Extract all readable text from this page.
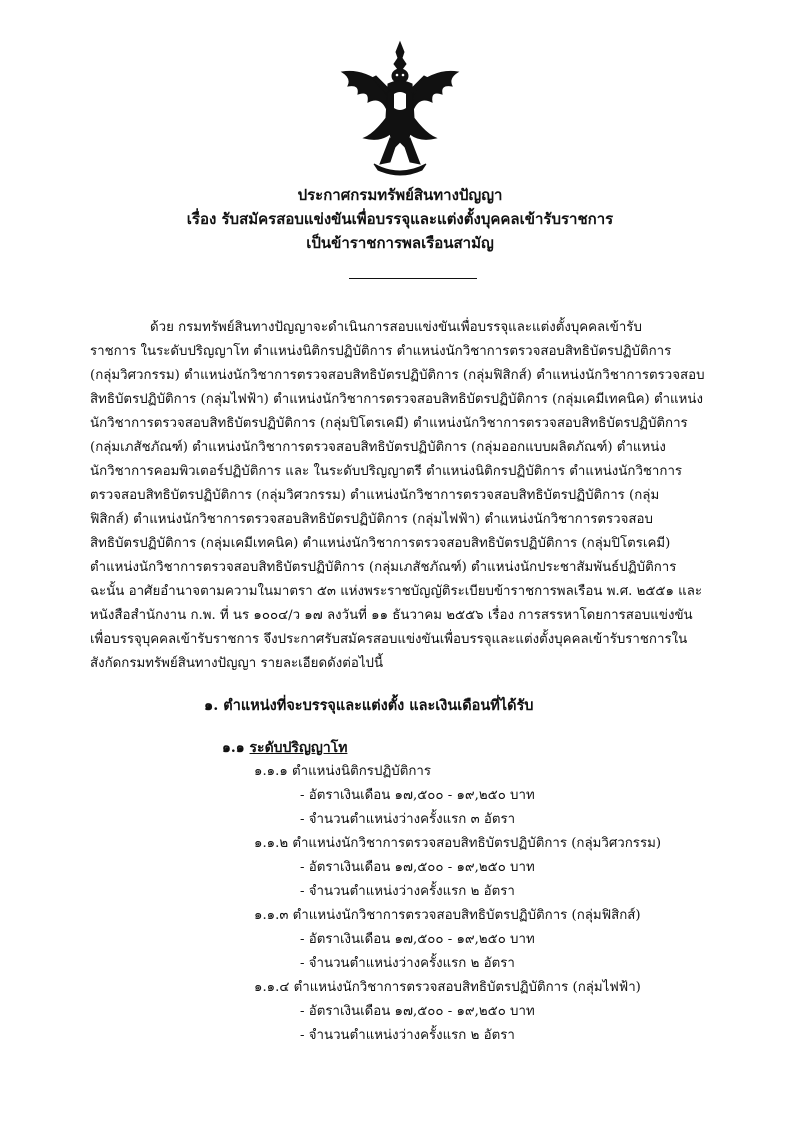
ประกาศกรมทรัพย์สินทางปัญญา
เรื่อง รับสมัครสอบแข่งขันเพื่อบรรจุและแต่งตั้งบุคคลเข้ารับราชการ
เป็นข้าราชการพลเรือนสามัญ
ด้วย กรมทรัพย์สินทางปัญญาจะดำเนินการสอบแข่งขันเพื่อบรรจุและแต่งตั้งบุคคลเข้ารับ
ราชการ ในระดับปริญญาโท ตำแหน่งนิติกรปฏิบัติการ ตำแหน่งนักวิชาการตรวจสอบสิทธิบัตรปฏิบัติการ
(กลุ่มวิศวกรรม) ตำแหน่งนักวิชาการตรวจสอบสิทธิบัตรปฏิบัติการ (กลุ่มฟิสิกส์) ตำแหน่งนักวิชาการตรวจสอบ
สิทธิบัตรปฏิบัติการ (กลุ่มไฟฟ้า) ตำแหน่งนักวิชาการตรวจสอบสิทธิบัตรปฏิบัติการ (กลุ่มเคมีเทคนิค) ตำแหน่ง
นักวิชาการตรวจสอบสิทธิบัตรปฏิบัติการ (กลุ่มปิโตรเคมี) ตำแหน่งนักวิชาการตรวจสอบสิทธิบัตรปฏิบัติการ
(กลุ่มเภสัชภัณฑ์) ตำแหน่งนักวิชาการตรวจสอบสิทธิบัตรปฏิบัติการ (กลุ่มออกแบบผลิตภัณฑ์) ตำแหน่ง
นักวิชาการคอมพิวเตอร์ปฏิบัติการ และ ในระดับปริญญาตรี ตำแหน่งนิติกรปฏิบัติการ ตำแหน่งนักวิชาการ
ตรวจสอบสิทธิบัตรปฏิบัติการ (กลุ่มวิศวกรรม) ตำแหน่งนักวิชาการตรวจสอบสิทธิบัตรปฏิบัติการ (กลุ่ม
ฟิสิกส์) ตำแหน่งนักวิชาการตรวจสอบสิทธิบัตรปฏิบัติการ (กลุ่มไฟฟ้า) ตำแหน่งนักวิชาการตรวจสอบ
สิทธิบัตรปฏิบัติการ (กลุ่มเคมีเทคนิค) ตำแหน่งนักวิชาการตรวจสอบสิทธิบัตรปฏิบัติการ (กลุ่มปิโตรเคมี)
ตำแหน่งนักวิชาการตรวจสอบสิทธิบัตรปฏิบัติการ (กลุ่มเภสัชภัณฑ์) ตำแหน่งนักประชาสัมพันธ์ปฏิบัติการ
ฉะนั้น อาศัยอำนาจตามความในมาตรา ๕๓ แห่งพระราชบัญญัติระเบียบข้าราชการพลเรือน พ.ศ. ๒๕๕๑ และ
หนังสือสำนักงาน ก.พ. ที่ นร ๑๐๐๔/ว ๑๗ ลงวันที่ ๑๑ ธันวาคม ๒๕๕๖ เรื่อง การสรรหาโดยการสอบแข่งขัน
เพื่อบรรจุบุคคลเข้ารับราชการ จึงประกาศรับสมัครสอบแข่งขันเพื่อบรรจุและแต่งตั้งบุคคลเข้ารับราชการใน
สังกัดกรมทรัพย์สินทางปัญญา รายละเอียดดังต่อไปนี้
๑. ตำแหน่งที่จะบรรจุและแต่งตั้ง และเงินเดือนที่ได้รับ
๑.๑ ระดับปริญญาโท
๑.๑.๑ ตำแหน่งนิติกรปฏิบัติการ
- อัตราเงินเดือน ๑๗,๕๐๐ - ๑๙,๒๕๐ บาท
- จำนวนตำแหน่งว่างครั้งแรก ๓ อัตรา
๑.๑.๒ ตำแหน่งนักวิชาการตรวจสอบสิทธิบัตรปฏิบัติการ (กลุ่มวิศวกรรม)
- อัตราเงินเดือน ๑๗,๕๐๐ - ๑๙,๒๕๐ บาท
- จำนวนตำแหน่งว่างครั้งแรก ๒ อัตรา
๑.๑.๓ ตำแหน่งนักวิชาการตรวจสอบสิทธิบัตรปฏิบัติการ (กลุ่มฟิสิกส์)
- อัตราเงินเดือน ๑๗,๕๐๐ - ๑๙,๒๕๐ บาท
- จำนวนตำแหน่งว่างครั้งแรก ๒ อัตรา
๑.๑.๔ ตำแหน่งนักวิชาการตรวจสอบสิทธิบัตรปฏิบัติการ (กลุ่มไฟฟ้า)
- อัตราเงินเดือน ๑๗,๕๐๐ - ๑๙,๒๕๐ บาท
- จำนวนตำแหน่งว่างครั้งแรก ๒ อัตรา
